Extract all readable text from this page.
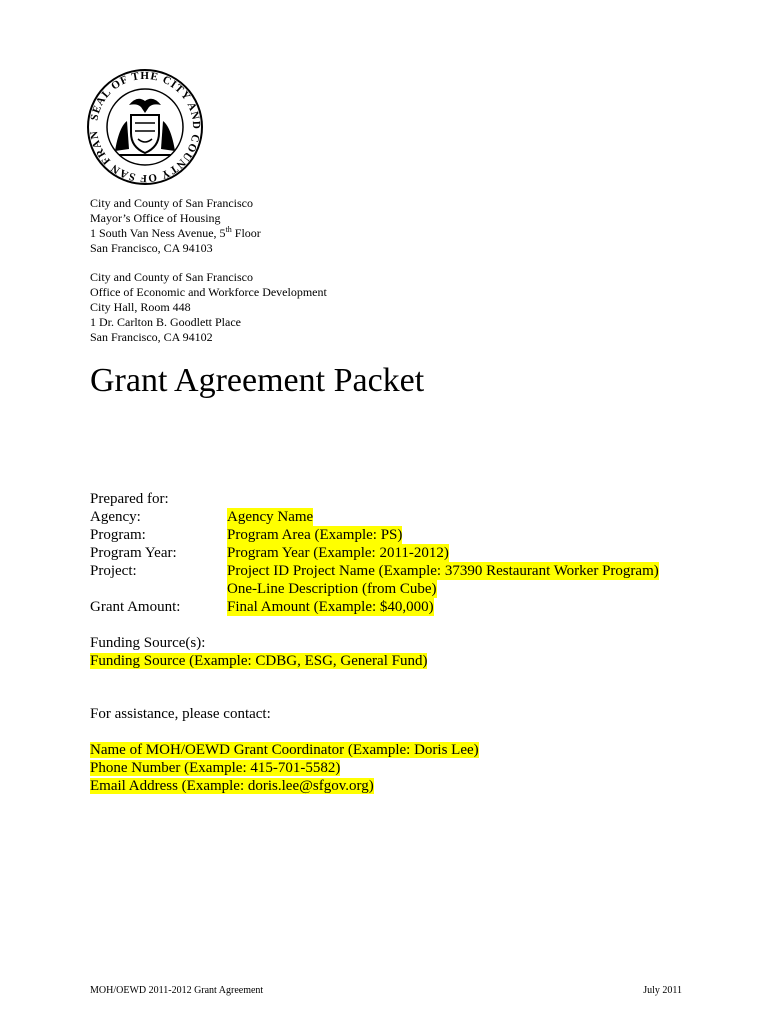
SEAL OF THE CITY AND COUNTY OF SAN FRAN
City and County of San Francisco
Mayor’s Office of Housing
1 South Van Ness Avenue, 5th Floor
San Francisco, CA 94103
City and County of San Francisco
Office of Economic and Workforce Development
City Hall, Room 448
1 Dr. Carlton B. Goodlett Place
San Francisco, CA 94102
Grant Agreement Packet
Prepared for:
Agency:	Agency Name
Program:	Program Area (Example: PS)
Program Year:	Program Year (Example: 2011-2012)
Project:	Project ID Project Name (Example: 37390 Restaurant Worker Program)
One-Line Description (from Cube)
Grant Amount:	Final Amount (Example: $40,000)
Funding Source(s):
Funding Source (Example: CDBG, ESG, General Fund)
For assistance, please contact:
Name of MOH/OEWD Grant Coordinator (Example: Doris Lee)
Phone Number (Example: 415-701-5582)
Email Address (Example: doris.lee@sfgov.org)
MOH/OEWD 2011-2012 Grant Agreement	July 2011
